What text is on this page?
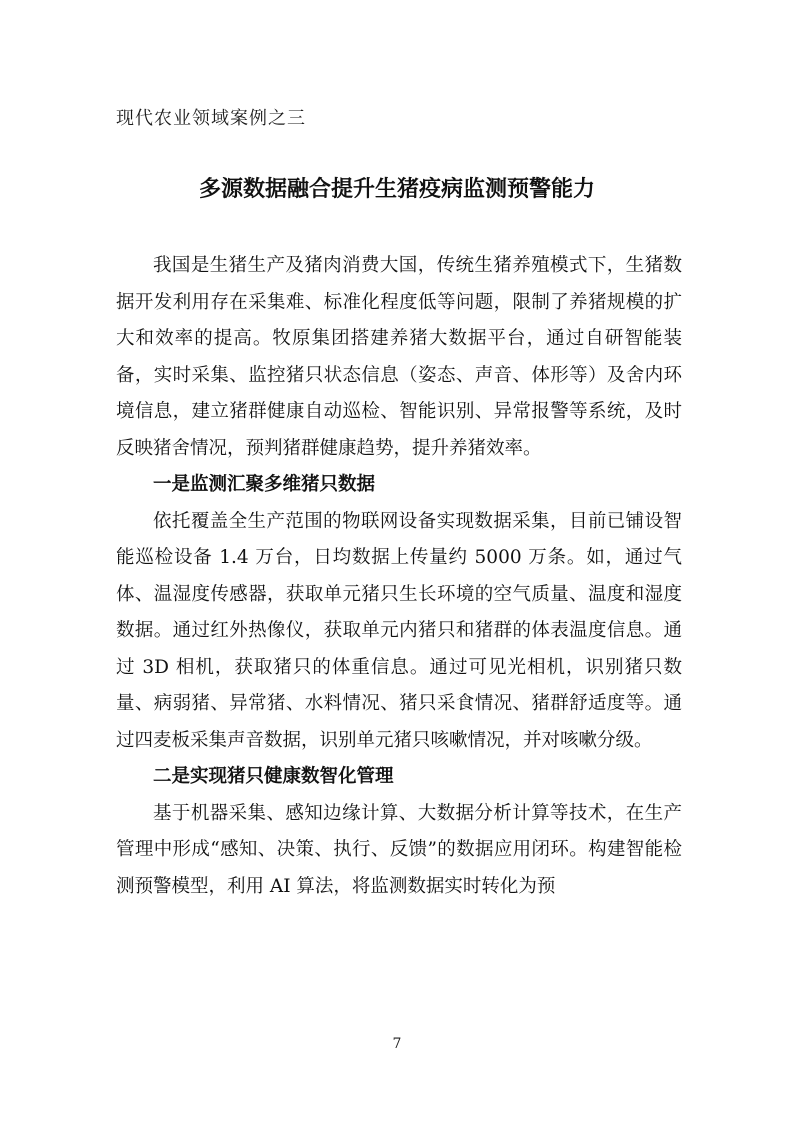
现代农业领域案例之三
多源数据融合提升生猪疫病监测预警能力

我国是生猪生产及猪肉消费大国，传统生猪养殖模式下，生猪数据开发利用存在采集难、标准化程度低等问题，限制了养猪规模的扩大和效率的提高。牧原集团搭建养猪大数据平台，通过自研智能装备，实时采集、监控猪只状态信息（姿态、声音、体形等）及舍内环境信息，建立猪群健康自动巡检、智能识别、异常报警等系统，及时反映猪舍情况，预判猪群健康趋势，提升养猪效率。

一是监测汇聚多维猪只数据

依托覆盖全生产范围的物联网设备实现数据采集，目前已铺设智能巡检设备 1.4 万台，日均数据上传量约 5000 万条。如，通过气体、温湿度传感器，获取单元猪只生长环境的空气质量、温度和湿度数据。通过红外热像仪，获取单元内猪只和猪群的体表温度信息。通过 3D 相机，获取猪只的体重信息。通过可见光相机，识别猪只数量、病弱猪、异常猪、水料情况、猪只采食情况、猪群舒适度等。通过四麦板采集声音数据，识别单元猪只咳嗽情况，并对咳嗽分级。

二是实现猪只健康数智化管理

基于机器采集、感知边缘计算、大数据分析计算等技术，在生产管理中形成“感知、决策、执行、反馈”的数据应用闭环。构建智能检测预警模型，利用 AI 算法，将监测数据实时转化为预

7
